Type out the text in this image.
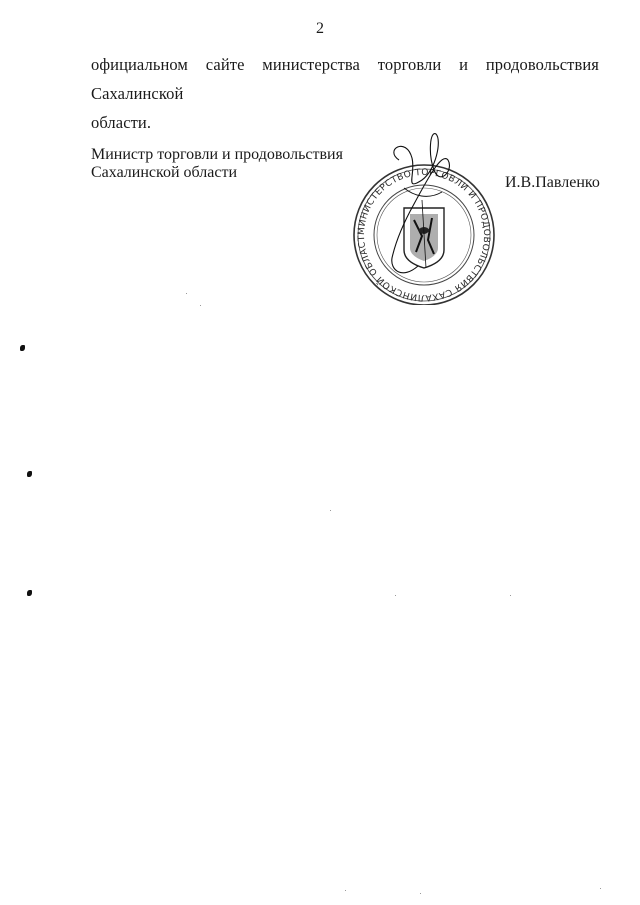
2
официальном сайте министерства торговли и продовольствия Сахалинской
области.
Министр торговли и продовольствия
Сахалинской области
МИНИСТЕРСТВО ТОРГОВЛИ И ПРОДОВОЛЬСТВИЯ САХАЛИНСКОЙ ОБЛАСТ
И.В.Павленко
